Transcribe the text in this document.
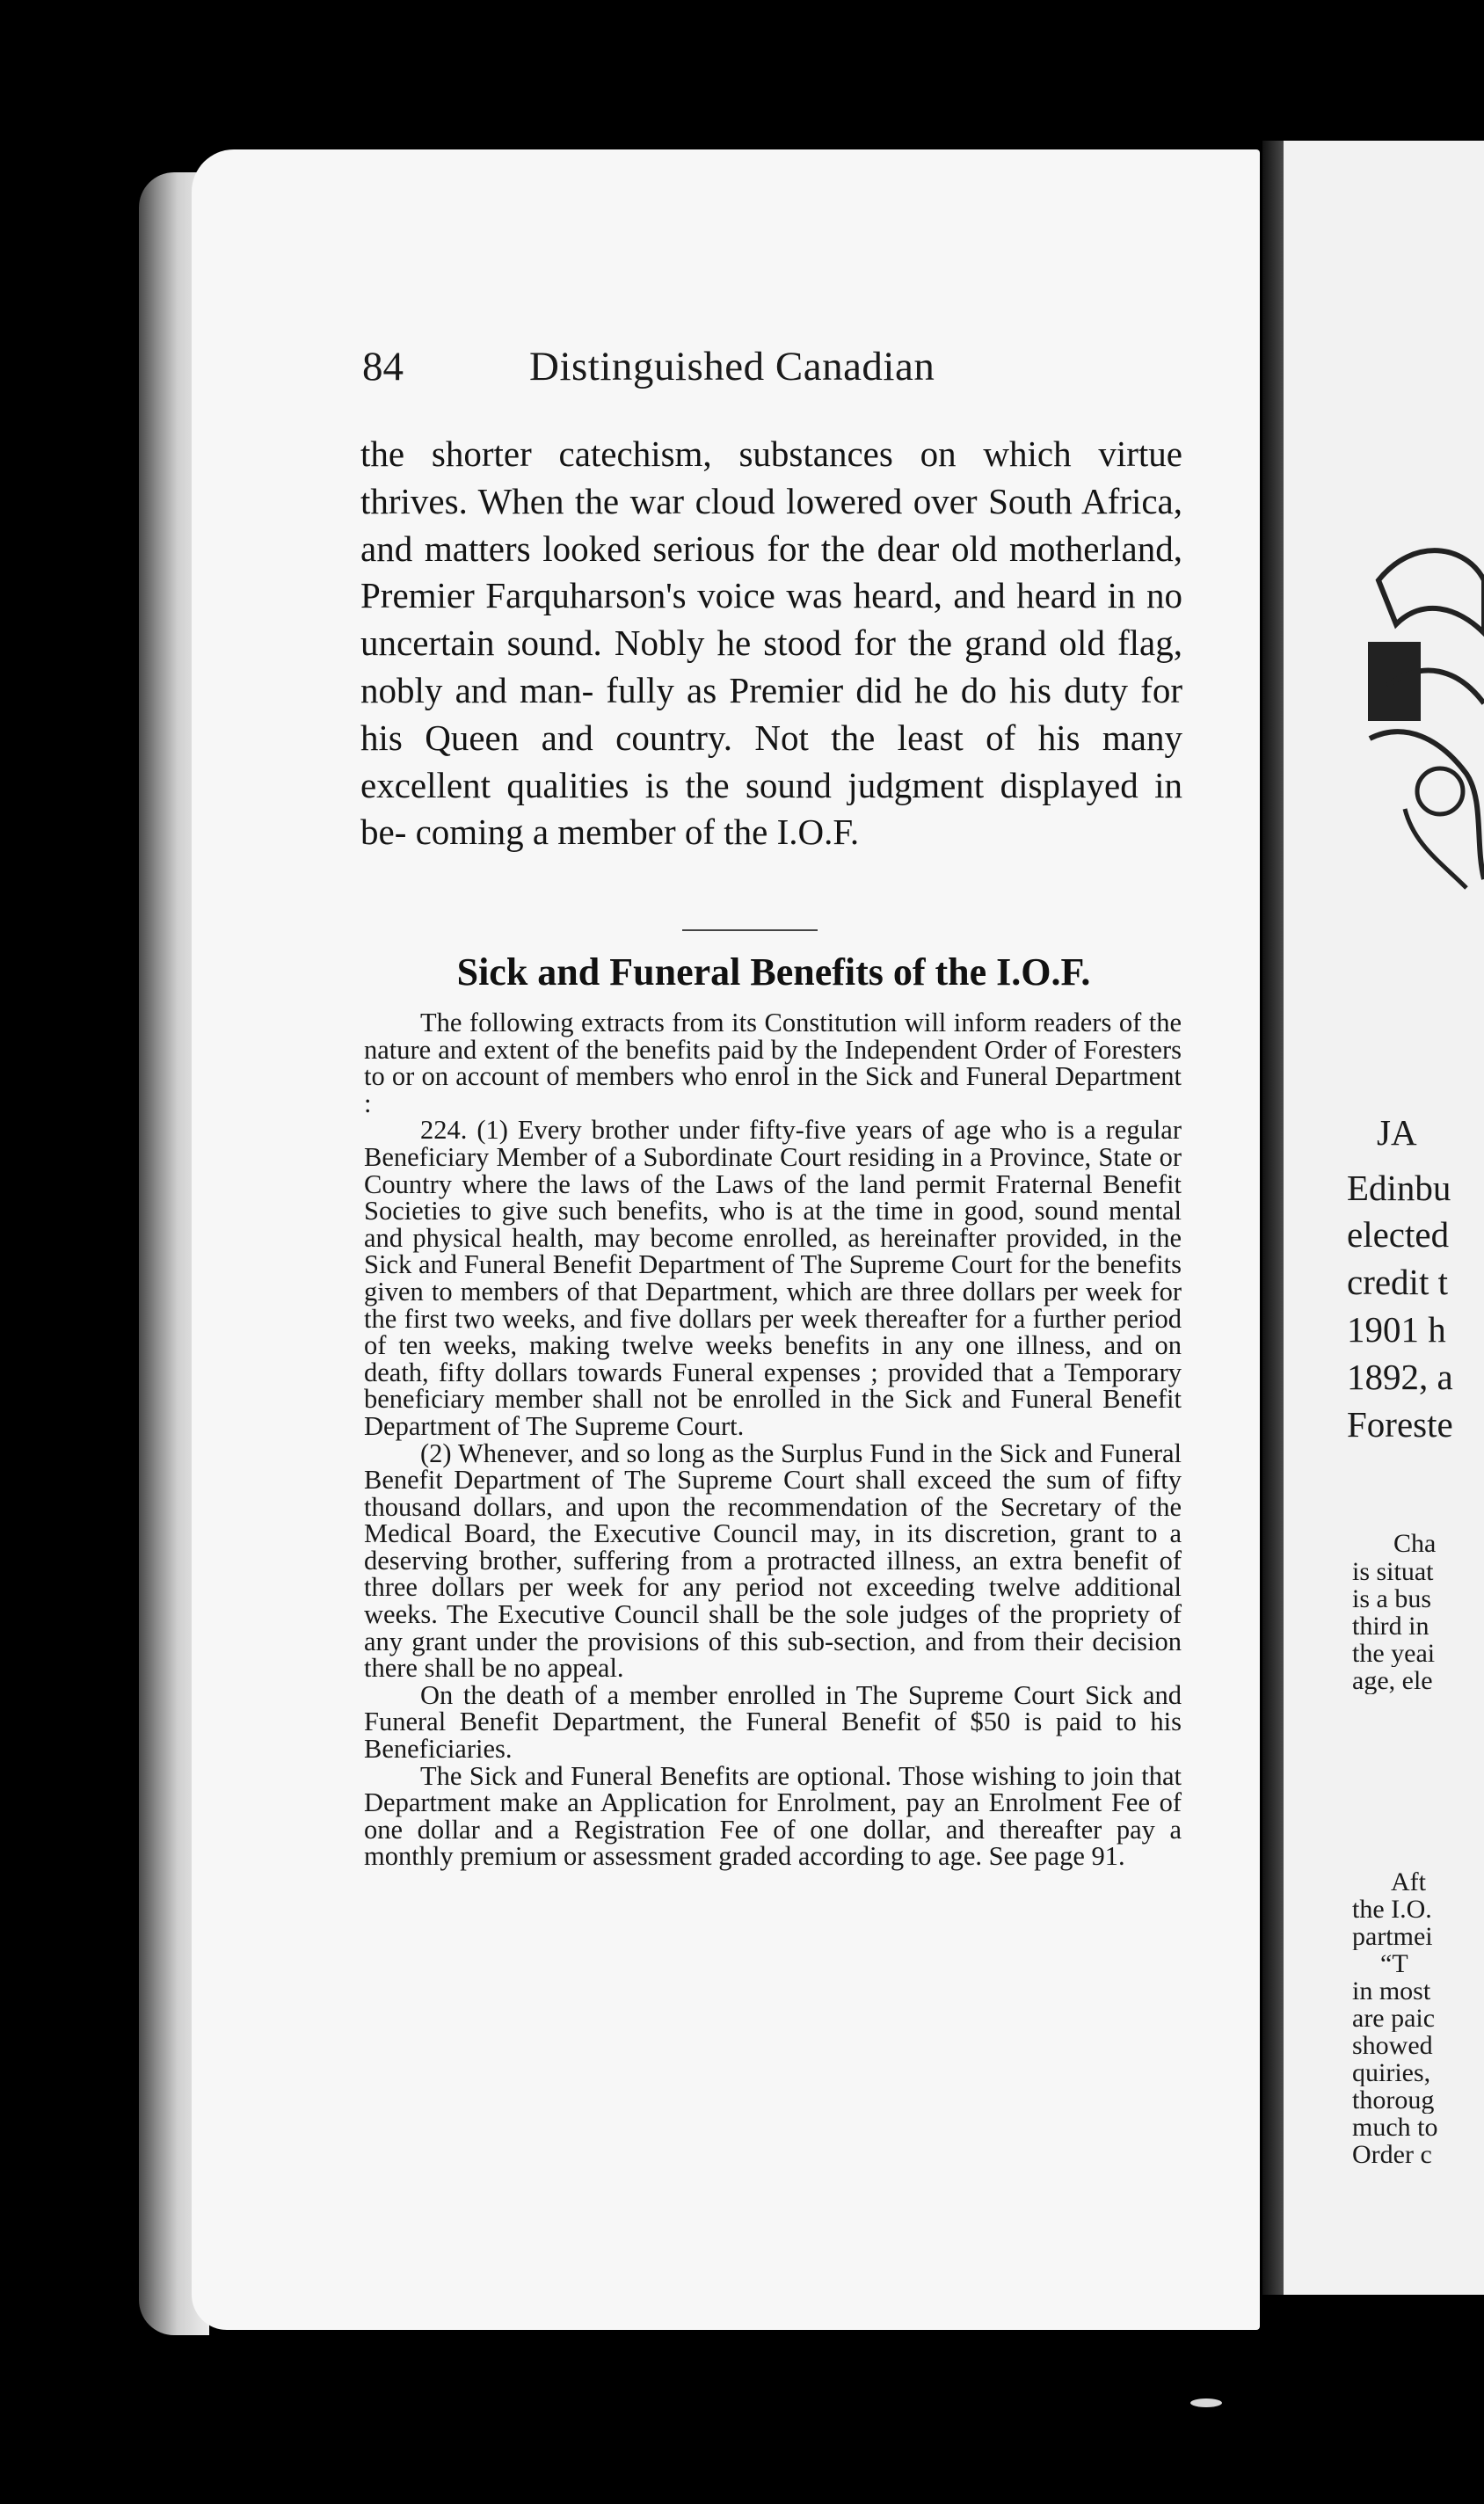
84	Distinguished Canadian

the shorter catechism, substances on which virtue thrives. When the war cloud lowered over South Africa, and matters looked serious for the dear old motherland, Premier Farquharson's voice was heard, and heard in no uncertain sound. Nobly he stood for the grand old flag, nobly and man- fully as Premier did he do his duty for his Queen and country. Not the least of his many excellent qualities is the sound judgment displayed in be- coming a member of the I.O.F.

Sick and Funeral Benefits of the I.O.F.

The following extracts from its Constitution will inform readers of the nature and extent of the benefits paid by the Independent Order of Foresters to or on account of members who enrol in the Sick and Funeral Department :

224. (1) Every brother under fifty-five years of age who is a regular Beneficiary Member of a Subordinate Court residing in a Province, State or Country where the laws of the Laws of the land permit Fraternal Benefit Societies to give such benefits, who is at the time in good, sound mental and physical health, may become enrolled, as hereinafter provided, in the Sick and Funeral Benefit Department of The Supreme Court for the benefits given to members of that Department, which are three dollars per week for the first two weeks, and five dollars per week thereafter for a further period of ten weeks, making twelve weeks benefits in any one illness, and on death, fifty dollars towards Funeral expenses ; provided that a Temporary beneficiary member shall not be enrolled in the Sick and Funeral Benefit Department of The Supreme Court.

(2) Whenever, and so long as the Surplus Fund in the Sick and Funeral Benefit Department of The Supreme Court shall exceed the sum of fifty thousand dollars, and upon the recommendation of the Secretary of the Medical Board, the Executive Council may, in its discretion, grant to a deserving brother, suffering from a protracted illness, an extra benefit of three dollars per week for any period not exceeding twelve additional weeks. The Executive Council shall be the sole judges of the propriety of any grant under the provisions of this sub-section, and from their decision there shall be no appeal.

On the death of a member enrolled in The Supreme Court Sick and Funeral Benefit Department, the Funeral Benefit of $50 is paid to his Beneficiaries.

The Sick and Funeral Benefits are optional. Those wishing to join that Department make an Application for Enrolment, pay an Enrolment Fee of one dollar and a Registration Fee of one dollar, and thereafter pay a monthly premium or assessment graded according to age. See page 91.

JA
Edinbu
elected
credit t
1901 h
1892, a
Foreste
Cha
is situat
is a bus
third in
the yeai
age, ele
Aft
the I.O.
partmei
“T
in most
are paic
showed
quiries,
thoroug
much to
Order c
